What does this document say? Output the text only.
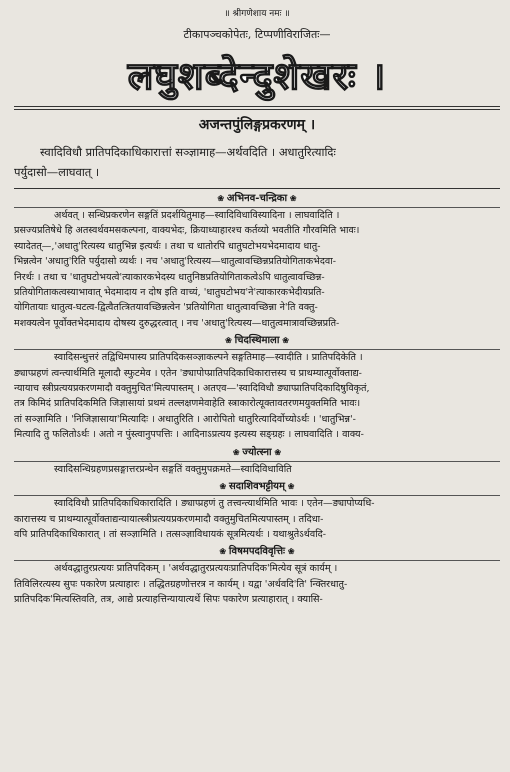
॥ श्रीगणेशाय नमः ॥
टीकापञ्चकोपेतः, टिप्पणीविराजितः—
लघुशब्देन्दुशेखरः ।
अजन्तपुंलिङ्गप्रकरणम् ।
स्वादिविधौ प्रातिपदिकाधिकारात्तां सञ्ज्ञामाह—अर्थवदिति । अधातुरित्यादिः
पर्युदासो—लाघवात् ।
❀ अभिनव-चन्द्रिका ❀
अर्थवत् । सन्धिप्रकरणेन सङ्गतिं प्रदर्शयितुमाह—स्वादिविधाविस्यादिना । लाघवादिति ।
प्रसज्यप्रतिषेधे हि अतस्वर्थवमसकल्पना, वाक्यभेदः, क्रियाध्याहारश्च कर्तव्यो भवतीति गौरवमिति भावः।
स्यादेतत्—,'अधातु'रित्यस्य धातुभिन्न इत्यर्थः । तथा च धातोरपि धातुघटोभयभेदमादाय धातु-
भिन्नत्वेन 'अधातु'रिति पर्युदासो व्यर्थः । नच 'अधातु'रित्यस्य—धातुत्वावच्छिन्नप्रतियोगिताकभेदवा-
निरर्थः । तथा च 'धातुघटोभयत्वे'त्याकारकभेदस्य धातुनिष्ठप्रतियोगिताकत्वेऽपि धातुत्वावच्छिन्न-
प्रतियोगिताकत्वस्याभावात् भेदमादाय न दोष इति वाच्यं, 'धातुघटोभय'ने'त्याकारकभेदीयप्रति-
योगितायाः धातुत्व-घटत्व-द्वित्वैतत्त्रितयावच्छिन्नत्वेन 'प्रतियोगिता धातुत्वावच्छिन्ना ने'ति वक्तु-
मशक्यत्वेन पूर्वोक्तभेदमादाय दोषस्य दुरुद्धरत्वात् । नच 'अधातु'रित्यस्य—धातुत्वमात्रावच्छिन्नप्रति-
❀ चिदस्थिमाला ❀
स्वादिसन्धुत्तरं तद्विधिमपास्य प्रातिपदिकसञ्ज्ञाकल्पने सङ्गतिमाह—स्वादीति । प्रातिपदिकेति ।
ङ्याप्प्रहणं त्वन्त्यार्थमिति मूलादौ स्फुटमेव । एतेन 'ङ्यापोप्प्रातिपदिकाधिकारात्तस्य च प्राथम्यात्पूर्वोक्ताद्य-
न्यायाच स्त्रीप्रत्ययप्रकरणमादौ वक्तुमुचित'मित्यपास्तम् । अतएव—'स्वादिविधौ ङ्याप्प्रातिपदिकादिषुविकृतं,
तत्र किमिदं प्रातिपदिकमिति जिज्ञासायां प्रथमं तल्लक्षणमेवाहेति स्त्राकारोत्यूक्तावतरणमयुक्तमिति भावः।
तां सञ्ज्ञामिति । 'निजिज्ञासाया'मित्यादिः । अधातुरिति । आरोपितो धातुरित्यादिर्वोच्योऽर्थः । 'धातुभिन्न'-
मित्यादि तु फलितोऽर्थः । अतो न पुंस्त्वानुपपत्तिः । आदिनाऽप्रत्यय इत्यस्य सङ्ग्रहः । लाघवादिति । वाक्य-
❀ ज्योत्स्ना ❀
स्वादिसन्धिग्रहणप्रसङ्गात्तरप्रन्थेन सङ्गतिं वक्तुमुपक्रमते—स्वादिविधाविति
❀ सदाशिवभट्टीयम् ❀
स्वादिविधौ प्रातिपदिकाधिकारादिति । ङ्याप्प्रहणं तु तत्त्वन्त्यार्थमिति भावः । एतेन—ङ्यापोप्यधि-
कारात्तस्य च प्राथम्यात्पूर्वोक्ताद्यन्यायात्स्त्रीप्रत्ययप्रकरणमादौ वक्तुमुचितमित्यपास्तम् । तदिधा-
वपि प्रातिपदिकाधिकारात् । तां सञ्ज्ञामिति । तत्सञ्ज्ञाविधायकं सूत्रमित्यर्थः । यथाश्रुतेऽर्थवदि-
❀ विषमपदविवृत्तिः ❀
अर्थवद्धातुरप्रत्ययः प्रातिपदिकम् । 'अर्थवद्धातुरप्रत्ययःप्रातिपदिक'मित्येव सूत्रं कार्यम् ।
तिविलिरत्यस्य सुपः पकारेण प्रत्याहारः । तद्धितग्रहणोत्तरत्र न कार्यम् । यद्वा 'अर्थवदि'ति' न्क्तिरधातु-
प्रातिपदिक'मित्यस्तिवति, तत्र, आद्ये प्रत्याहत्तिन्यायात्यर्थे सिपः पकारेण प्रत्याहारात् । क्यासि-
